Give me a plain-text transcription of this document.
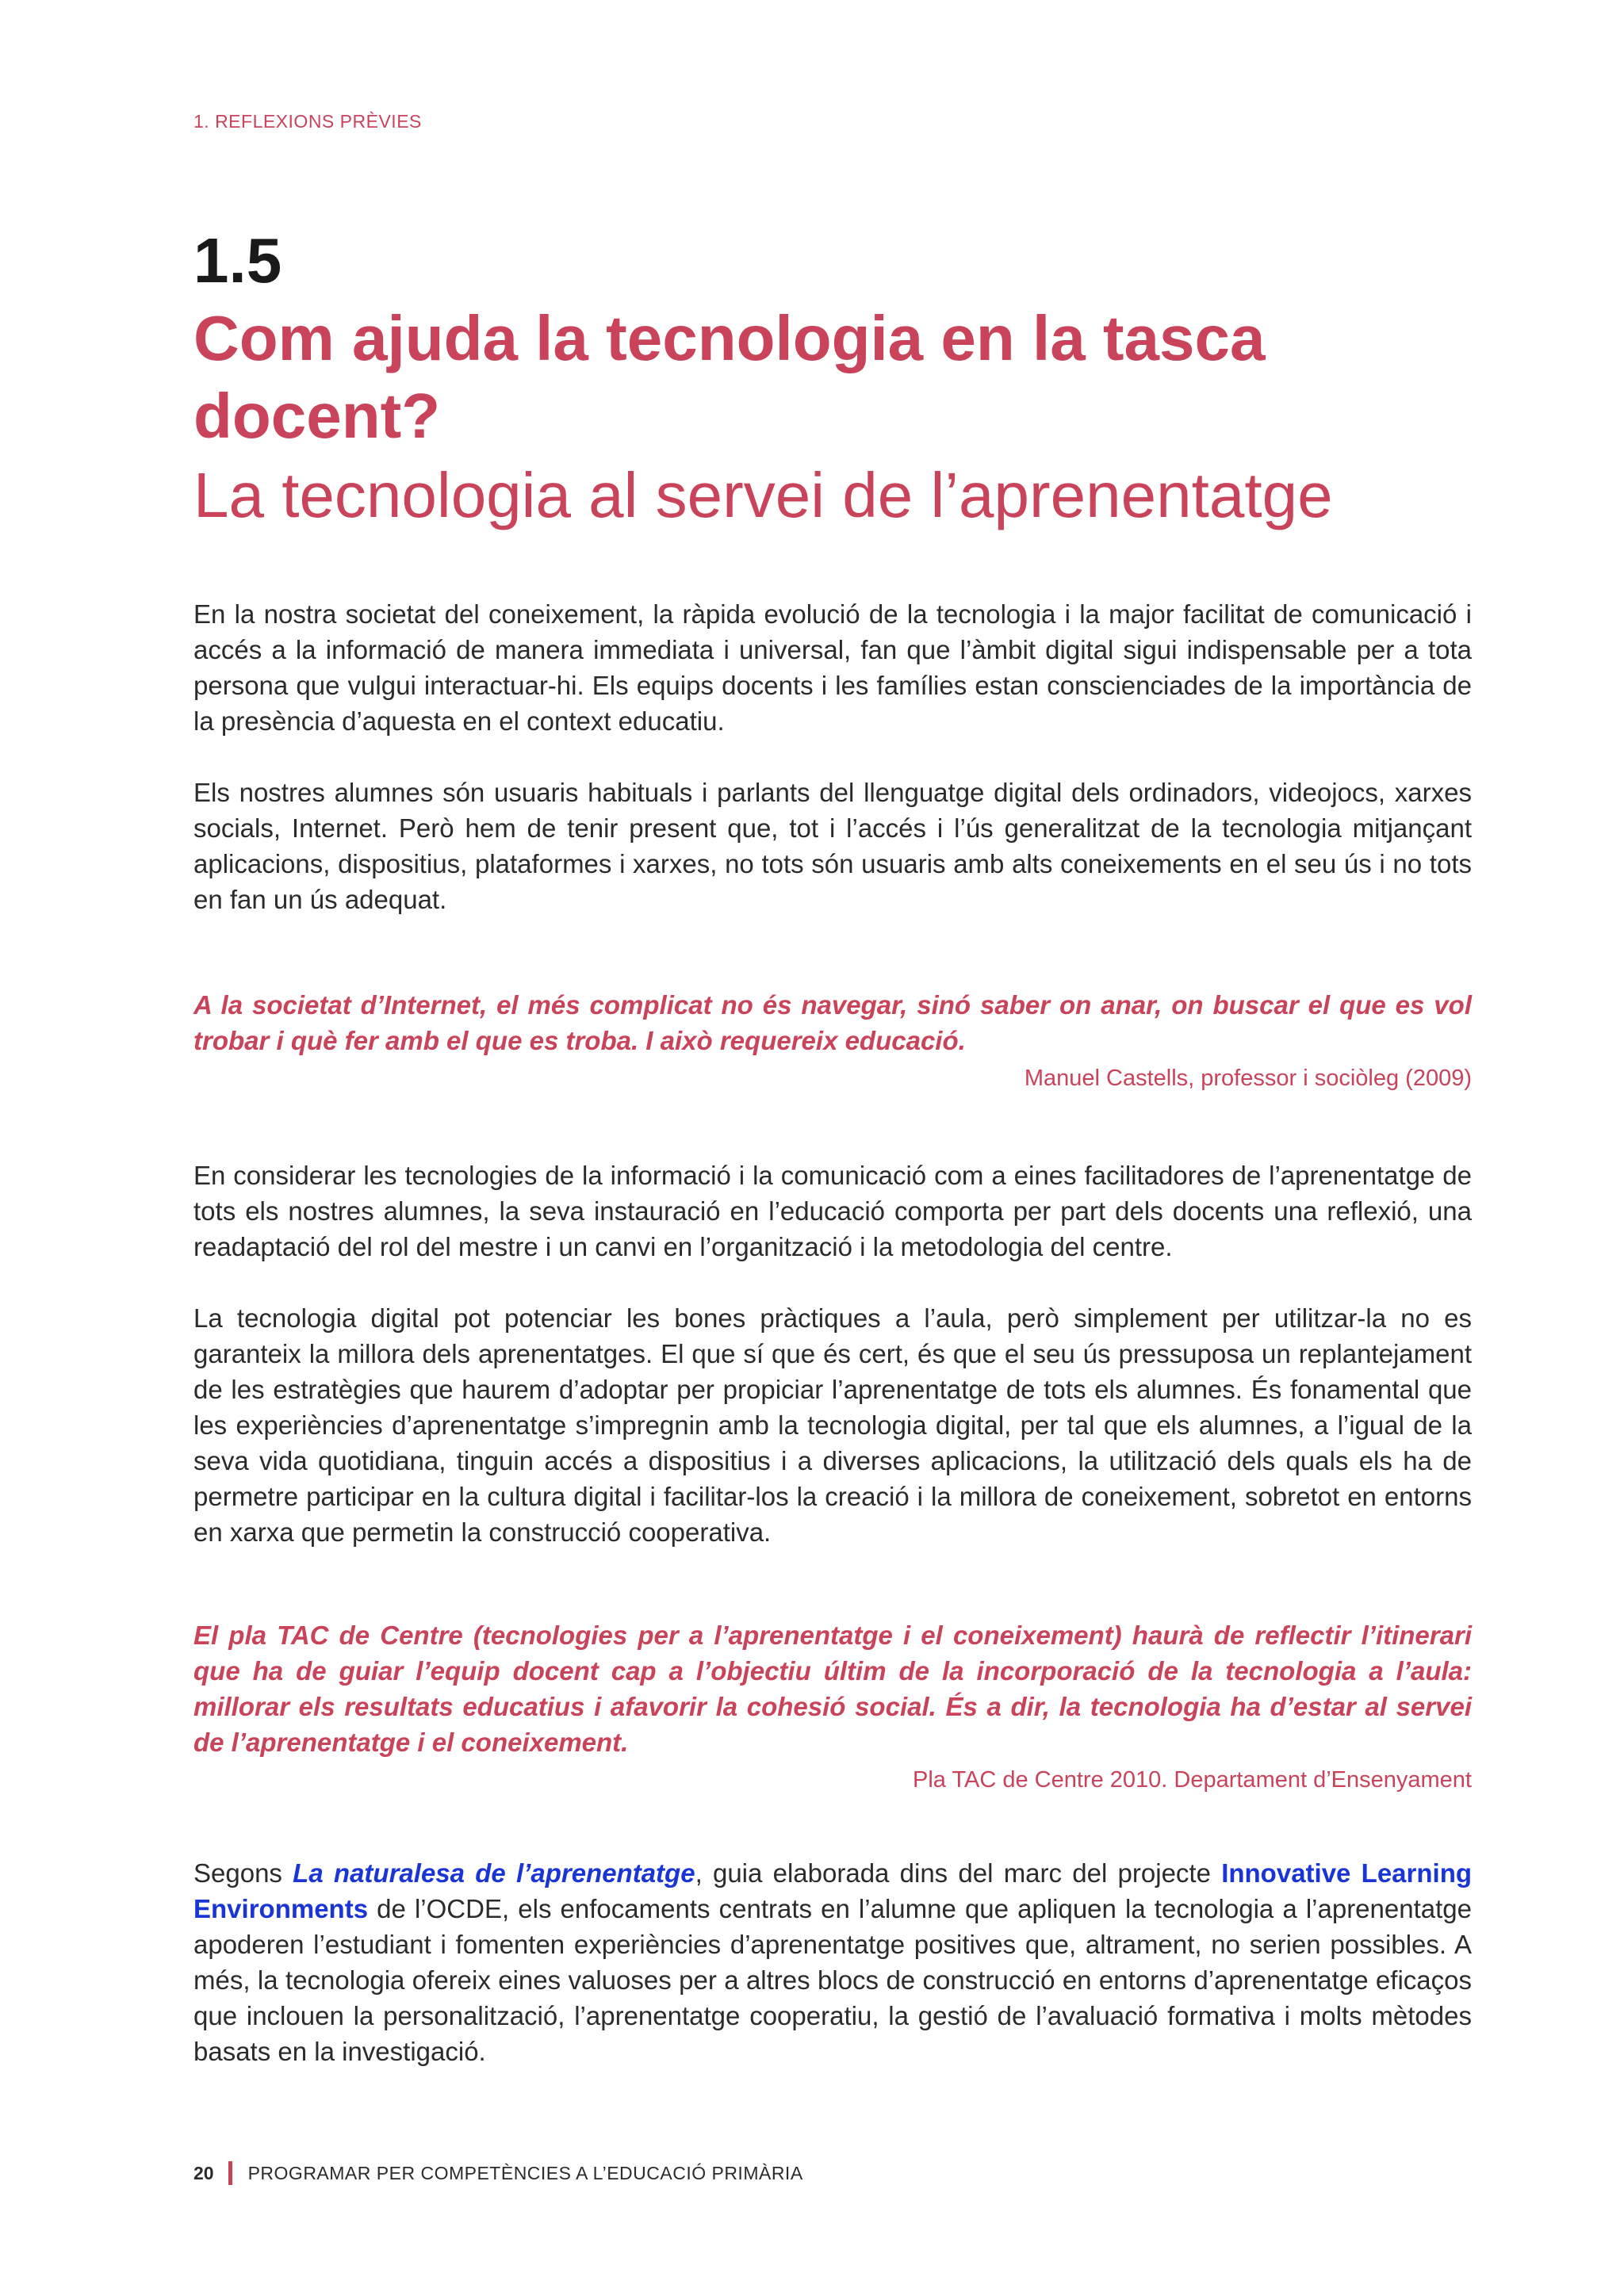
1. REFLEXIONS PRÈVIES
1.5
Com ajuda la tecnologia en la tasca docent?
La tecnologia al servei de l’aprenentatge

En la nostra societat del coneixement, la ràpida evolució de la tecnologia i la major facilitat de comunicació i accés a la informació de manera immediata i universal, fan que l’àmbit digital sigui indispensable per a tota persona que vulgui interactuar-hi. Els equips docents i les famílies estan conscienciades de la importància de la presència d’aquesta en el context educatiu.

Els nostres alumnes són usuaris habituals i parlants del llenguatge digital dels ordinadors, videojocs, xarxes socials, Internet. Però hem de tenir present que, tot i l’accés i l’ús generalitzat de la tecnologia mitjançant aplicacions, dispositius, plataformes i xarxes, no tots són usuaris amb alts coneixements en el seu ús i no tots en fan un ús adequat.

A la societat d’Internet, el més complicat no és navegar, sinó saber on anar, on buscar el que es vol trobar i què fer amb el que es troba. I això requereix educació.

Manuel Castells, professor i sociòleg (2009)

En considerar les tecnologies de la informació i la comunicació com a eines facilitadores de l’aprenentatge de tots els nostres alumnes, la seva instauració en l’educació comporta per part dels docents una reflexió, una readaptació del rol del mestre i un canvi en l’organització i la metodologia del centre.

La tecnologia digital pot potenciar les bones pràctiques a l’aula, però simplement per utilitzar-la no es garanteix la millora dels aprenentatges. El que sí que és cert, és que el seu ús pressuposa un replantejament de les estratègies que haurem d’adoptar per propiciar l’aprenentatge de tots els alumnes. És fonamental que les experiències d’aprenentatge s’impregnin amb la tecnologia digital, per tal que els alumnes, a l’igual de la seva vida quotidiana, tinguin accés a dispositius i a diverses aplicacions, la utilització dels quals els ha de permetre participar en la cultura digital i facilitar-los la creació i la millora de coneixement, sobretot en entorns en xarxa que permetin la construcció cooperativa.

El pla TAC de Centre (tecnologies per a l’aprenentatge i el coneixement) haurà de reflectir l’itinerari que ha de guiar l’equip docent cap a l’objectiu últim de la incorporació de la tecnologia a l’aula: millorar els resultats educatius i afavorir la cohesió social. És a dir, la tecnologia ha d’estar al servei de l’aprenentatge i el coneixement.

Pla TAC de Centre 2010. Departament d’Ensenyament

Segons La naturalesa de l’aprenentatge, guia elaborada dins del marc del projecte Innovative Learning Environments de l’OCDE, els enfocaments centrats en l’alumne que apliquen la tecnologia a l’aprenentatge apoderen l’estudiant i fomenten experiències d’aprenentatge positives que, altrament, no serien possibles. A més, la tecnologia ofereix eines valuoses per a altres blocs de construcció en entorns d’aprenentatge eficaços que inclouen la personalització, l’aprenentatge cooperatiu, la gestió de l’avaluació formativa i molts mètodes basats en la investigació.

20 PROGRAMAR PER COMPETÈNCIES A L’EDUCACIÓ PRIMÀRIA
